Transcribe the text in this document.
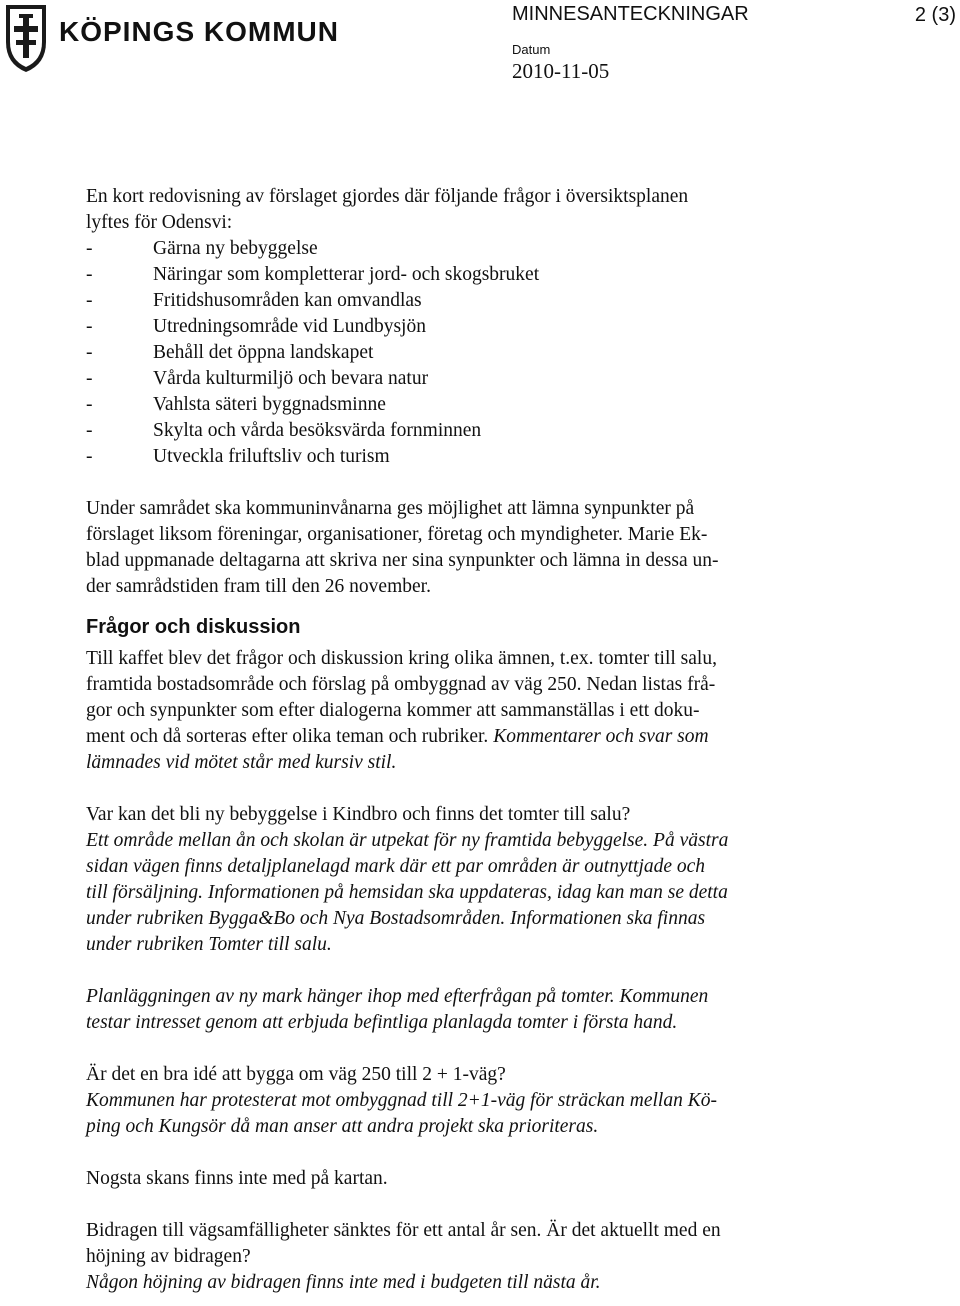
KÖPINGS KOMMUN
MINNESANTECKNINGAR	2 (3)
Datum
2010-11-05

En kort redovisning av förslaget gjordes där följande frågor i översiktsplanen

lyftes för Odensvi:

-	Gärna ny bebyggelse
-	Näringar som kompletterar jord- och skogsbruket
-	Fritidshusområden kan omvandlas
-	Utredningsområde vid Lundbysjön
-	Behåll det öppna landskapet
-	Vårda kulturmiljö och bevara natur
-	Vahlsta säteri byggnadsminne
-	Skylta och vårda besöksvärda fornminnen
-	Utveckla friluftsliv och turism

Under samrådet ska kommuninvånarna ges möjlighet att lämna synpunkter på

förslaget liksom föreningar, organisationer, företag och myndigheter. Marie Ek-

blad uppmanade deltagarna att skriva ner sina synpunkter och lämna in dessa un-

der samrådstiden fram till den 26 november.

Frågor och diskussion

Till kaffet blev det frågor och diskussion kring olika ämnen, t.ex. tomter till salu,

framtida bostadsområde och förslag på ombyggnad av väg 250. Nedan listas frå-

gor och synpunkter som efter dialogerna kommer att sammanställas i ett doku-

ment och då sorteras efter olika teman och rubriker. Kommentarer och svar som

lämnades vid mötet står med kursiv stil.

Var kan det bli ny bebyggelse i Kindbro och finns det tomter till salu?

Ett område mellan ån och skolan är utpekat för ny framtida bebyggelse. På västra

sidan vägen finns detaljplanelagd mark där ett par områden är outnyttjade och

till försäljning. Informationen på hemsidan ska uppdateras, idag kan man se detta

under rubriken Bygga&Bo och Nya Bostadsområden. Informationen ska finnas

under rubriken Tomter till salu.

Planläggningen av ny mark hänger ihop med efterfrågan på tomter. Kommunen

testar intresset genom att erbjuda befintliga planlagda tomter i första hand.

Är det en bra idé att bygga om väg 250 till 2 + 1-väg?

Kommunen har protesterat mot ombyggnad till 2+1-väg för sträckan mellan Kö-

ping och Kungsör då man anser att andra projekt ska prioriteras.

Nogsta skans finns inte med på kartan.

Bidragen till vägsamfälligheter sänktes för ett antal år sen. Är det aktuellt med en

höjning av bidragen?

Någon höjning av bidragen finns inte med i budgeten till nästa år.
